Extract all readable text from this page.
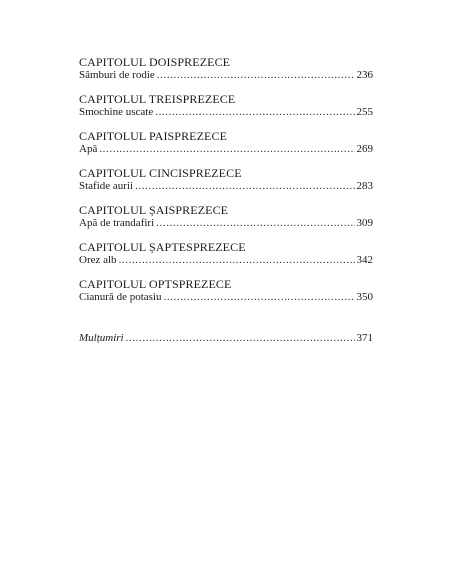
CAPITOLUL DOISPREZECE
Sâmburi de rodie .....	236
CAPITOLUL TREISPREZECE
Smochine uscate .....	255
CAPITOLUL PAISPREZECE
Apă .....	269
CAPITOLUL CINCISPREZECE
Stafide aurii .....	283
CAPITOLUL ȘAISPREZECE
Apă de trandafiri .....	309
CAPITOLUL ȘAPTESPREZECE
Orez alb .....	342
CAPITOLUL OPTSPREZECE
Cianură de potasiu .....	350
Mulțumiri .....	371
